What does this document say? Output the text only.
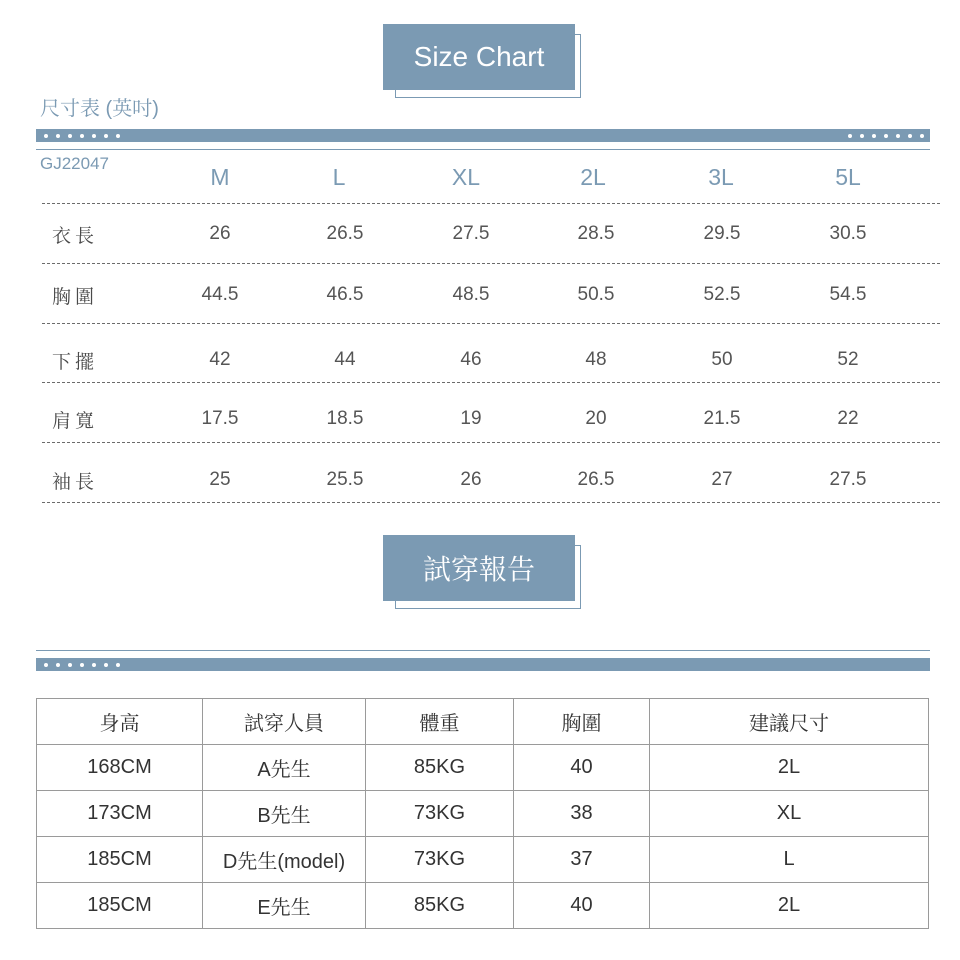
Size Chart
尺寸表 (英吋)
GJ22047
M	L	XL	2L	3L	5L
衣長	26	26.5	27.5	28.5	29.5	30.5
胸圍	44.5	46.5	48.5	50.5	52.5	54.5
下擺	42	44	46	48	50	52
肩寬	17.5	18.5	19	20	21.5	22
袖長	25	25.5	26	26.5	27	27.5
試穿報告
身高	試穿人員	體重	胸圍	建議尺寸
168CM	A先生	85KG	40	2L
173CM	B先生	73KG	38	XL
185CM	D先生(model)	73KG	37	L
185CM	E先生	85KG	40	2L
